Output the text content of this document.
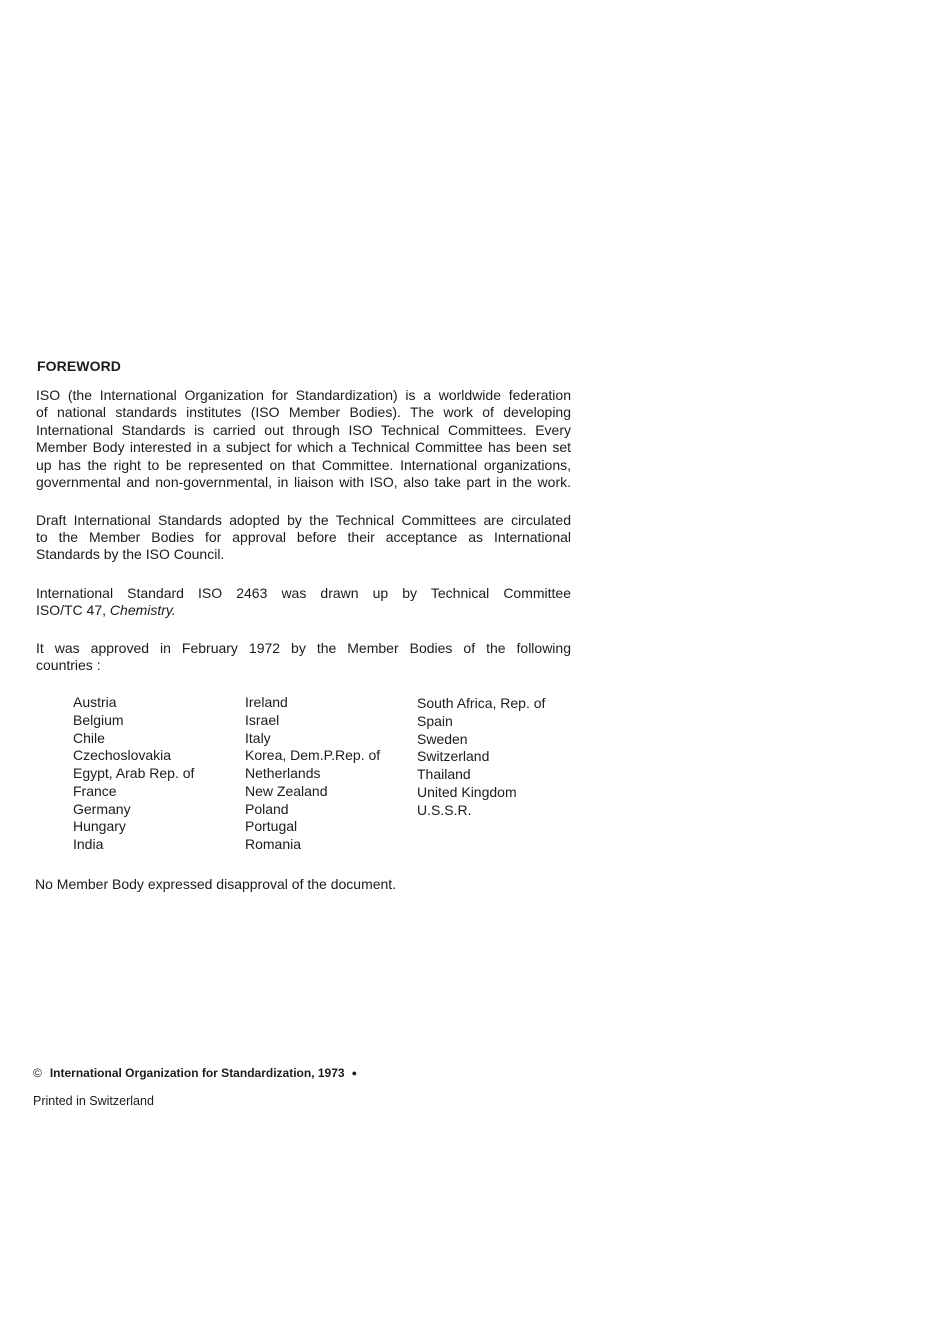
FOREWORD
ISO (the International Organization for Standardization) is a worldwide federation
of national standards institutes (ISO Member Bodies). The work of developing
International Standards is carried out through ISO Technical Committees. Every
Member Body interested in a subject for which a Technical Committee has been set
up has the right to be represented on that Committee. International organizations,
governmental and non-governmental, in liaison with ISO, also take part in the work.
Draft International Standards adopted by the Technical Committees are circulated
to the Member Bodies for approval before their acceptance as International
Standards by the ISO Council.
International Standard ISO 2463 was drawn up by Technical Committee
ISO/TC 47, Chemistry.
It was approved in February 1972 by the Member Bodies of the following
countries :
Austria
Belgium
Chile
Czechoslovakia
Egypt, Arab Rep. of
France
Germany
Hungary
India
Ireland
Israel
Italy
Korea, Dem.P.Rep. of
Netherlands
New Zealand
Poland
Portugal
Romania
South Africa, Rep. of
Spain
Sweden
Switzerland
Thailand
United Kingdom
U.S.S.R.
No Member Body expressed disapproval of the document.
© International Organization for Standardization, 1973 ●
Printed in Switzerland
